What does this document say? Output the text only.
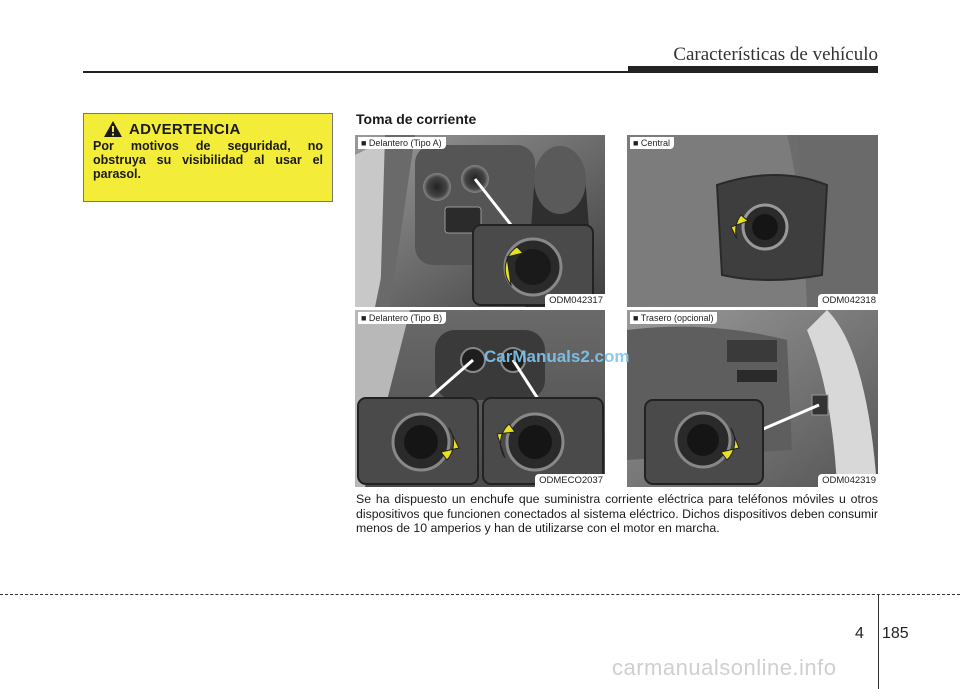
Características de vehículo
ADVERTENCIA
Por motivos de seguridad, no obstruya su visibilidad al usar el parasol.
Toma de corriente
■ Delantero (Tipo A)
ODM042317
■ Central
ODM042318
■ Delantero (Tipo B)
ODMECO2037
■ Trasero (opcional)
ODM042319
CarManuals2.com
Se ha dispuesto un enchufe que suministra corriente eléctrica para teléfonos móviles u otros dispositivos que funcionen conectados al sistema eléctrico. Dichos dispositivos deben consumir menos de 10 amperios y han de utilizarse con el motor en marcha.
4 185
carmanualsonline.info
